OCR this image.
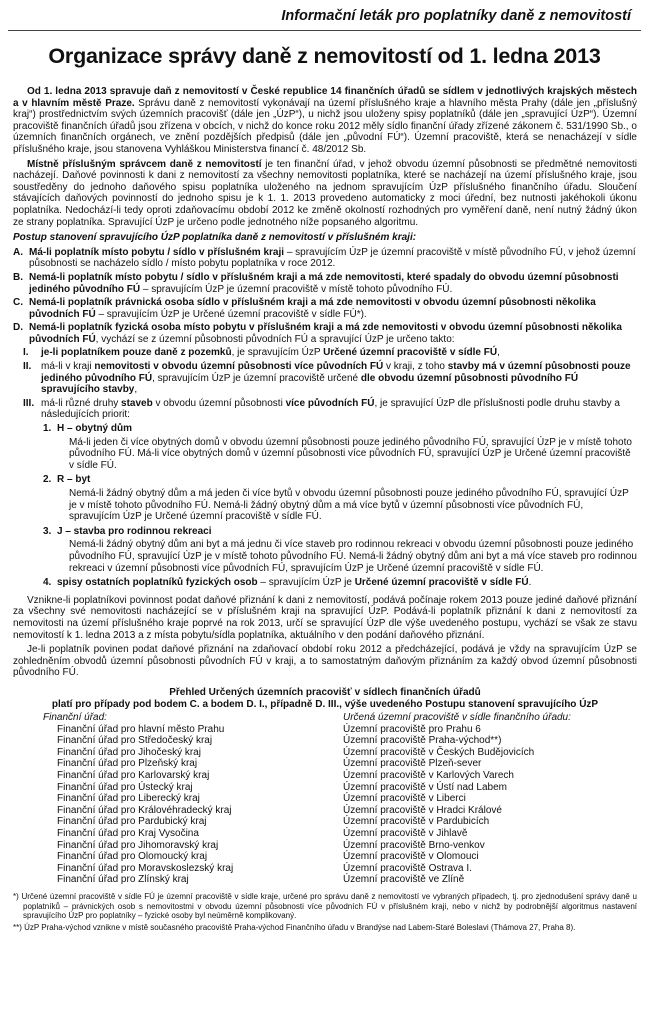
Informační leták pro poplatníky daně z nemovitostí
Organizace správy daně z nemovitostí od 1. ledna 2013

Od 1. ledna 2013 spravuje daň z nemovitostí v České republice 14 finančních úřadů se sídlem v jednotlivých krajských městech a v hlavním městě Praze. Správu daně z nemovitostí vykonávají na území příslušného kraje a hlavního města Prahy (dále jen „příslušný kraj“) prostřednictvím svých územních pracovišť (dále jen „ÚzP“), u nichž jsou uloženy spisy poplatníků (dále jen „spravující ÚzP“). Územní pracoviště finančních úřadů jsou zřízena v obcích, v nichž do konce roku 2012 měly sídlo finanční úřady zřízené zákonem č. 531/1990 Sb., o územních finančních orgánech, ve znění pozdějších předpisů (dále jen „původní FÚ“). Územní pracoviště, která se nenacházejí v sídle příslušného kraje, jsou stanovena Vyhláškou Ministerstva financí č. 48/2012 Sb.

Místně příslušným správcem daně z nemovitostí je ten finanční úřad, v jehož obvodu územní působnosti se předmětné nemovitosti nacházejí. Daňové povinnosti k dani z nemovitostí za všechny nemovitosti poplatníka, které se nacházejí na území příslušného kraje, jsou soustředěny do jednoho daňového spisu poplatníka uloženého na jednom spravujícím ÚzP příslušného finančního úřadu. Sloučení stávajících daňových povinností do jednoho spisu je k 1. 1. 2013 provedeno automaticky z moci úřední, bez nutnosti jakéhokoli úkonu poplatníka. Nedochází-li tedy oproti zdaňovacímu období 2012 ke změně okolností rozhodných pro vyměření daně, není nutný žádný úkon ze strany poplatníka. Spravující ÚzP je určeno podle jednotného níže popsaného algoritmu.

Postup stanovení spravujícího ÚzP poplatníka daně z nemovitostí v příslušném kraji:
A. Má-li poplatník místo pobytu / sídlo v příslušném kraji – spravujícím ÚzP je územní pracoviště v místě původního FÚ, v jehož územní působnosti se nacházelo sídlo / místo pobytu poplatníka v roce 2012.
B. Nemá-li poplatník místo pobytu / sídlo v příslušném kraji a má zde nemovitosti, které spadaly do obvodu územní působnosti jediného původního FÚ – spravujícím ÚzP je územní pracoviště v místě tohoto původního FÚ.
C. Nemá-li poplatník právnická osoba sídlo v příslušném kraji a má zde nemovitosti v obvodu územní působnosti několika původních FÚ – spravujícím ÚzP je Určené územní pracoviště v sídle FÚ*).
D. Nemá-li poplatník fyzická osoba místo pobytu v příslušném kraji a má zde nemovitosti v obvodu územní působnosti několika původních FÚ, vychází se z územní působnosti původních FÚ a spravující ÚzP je určeno takto:
I. je-li poplatníkem pouze daně z pozemků, je spravujícím ÚzP Určené územní pracoviště v sídle FÚ,
II. má-li v kraji nemovitosti v obvodu územní působnosti více původních FÚ v kraji, z toho stavby má v územní působnosti pouze jediného původního FÚ, spravujícím ÚzP je územní pracoviště určené dle obvodu územní působnosti původního FÚ spravujícího stavby,
III. má-li různé druhy staveb v obvodu územní působnosti více původních FÚ, je spravující ÚzP dle příslušnosti podle druhu stavby a následujících priorit:
1. H – obytný dům
Má-li jeden či více obytných domů v obvodu územní působnosti pouze jediného původního FÚ, spravující ÚzP je v místě tohoto původního FÚ. Má-li více obytných domů v územní působnosti více původních FÚ, spravující ÚzP je Určené územní pracoviště v sídle FÚ.
2. R – byt
Nemá-li žádný obytný dům a má jeden či více bytů v obvodu územní působnosti pouze jediného původního FÚ, spravující ÚzP je v místě tohoto původního FÚ. Nemá-li žádný obytný dům a má více bytů v územní působnosti více původních FÚ, spravujícím ÚzP je Určené územní pracoviště v sídle FÚ.
3. J – stavba pro rodinnou rekreaci
Nemá-li žádný obytný dům ani byt a má jednu či více staveb pro rodinnou rekreaci v obvodu územní působnosti pouze jediného původního FÚ, spravující ÚzP je v místě tohoto původního FÚ. Nemá-li žádný obytný dům ani byt a má více staveb pro rodinnou rekreaci v územní působnosti více původních FÚ, spravujícím ÚzP je Určené územní pracoviště v sídle FÚ.
4. spisy ostatních poplatníků fyzických osob – spravujícím ÚzP je Určené územní pracoviště v sídle FÚ.

Vznikne-li poplatníkovi povinnost podat daňové přiznání k dani z nemovitostí, podává počínaje rokem 2013 pouze jediné daňové přiznání za všechny své nemovitosti nacházející se v příslušném kraji na spravující ÚzP. Podává-li poplatník přiznání k dani z nemovitostí za nemovitosti na území příslušného kraje poprvé na rok 2013, určí se spravující ÚzP dle výše uvedeného postupu, vychází se však ze stavu nemovitostí k 1. ledna 2013 a z místa pobytu/sídla poplatníka, aktuálního v den podání daňového přiznání.

Je-li poplatník povinen podat daňové přiznání na zdaňovací období roku 2012 a předcházející, podává je vždy na spravujícím ÚzP se zohledněním obvodů územní působnosti původních FÚ v kraji, a to samostatným daňovým přiznáním za každý obvod územní působnosti původního FÚ.

Přehled Určených územních pracovišť v sídlech finančních úřadů
platí pro případy pod bodem C. a bodem D. I., případně D. III., výše uvedeného Postupu stanovení spravujícího ÚzP
Finanční úřad:
Finanční úřad pro hlavní město Prahu
Finanční úřad pro Středočeský kraj
Finanční úřad pro Jihočeský kraj
Finanční úřad pro Plzeňský kraj
Finanční úřad pro Karlovarský kraj
Finanční úřad pro Ústecký kraj
Finanční úřad pro Liberecký kraj
Finanční úřad pro Královéhradecký kraj
Finanční úřad pro Pardubický kraj
Finanční úřad pro Kraj Vysočina
Finanční úřad pro Jihomoravský kraj
Finanční úřad pro Olomoucký kraj
Finanční úřad pro Moravskoslezský kraj
Finanční úřad pro Zlínský kraj
Určená územní pracoviště v sídle finančního úřadu:
Územní pracoviště pro Prahu 6
Územní pracoviště Praha-východ**)
Územní pracoviště v Českých Budějovicích
Územní pracoviště Plzeň-sever
Územní pracoviště v Karlových Varech
Územní pracoviště v Ústí nad Labem
Územní pracoviště v Liberci
Územní pracoviště v Hradci Králové
Územní pracoviště v Pardubicích
Územní pracoviště v Jihlavě
Územní pracoviště Brno-venkov
Územní pracoviště v Olomouci
Územní pracoviště Ostrava I.
Územní pracoviště ve Zlíně

*) Určené územní pracoviště v sídle FÚ je územní pracoviště v sídle kraje, určené pro správu daně z nemovitostí ve vybraných případech, tj. pro zjednodušení správy daně u poplatníků – právnických osob s nemovitostmi v obvodu územní působnosti více původních FÚ v příslušném kraji, nebo v nichž by podrobnější algoritmus nastavení spravujícího ÚzP pro poplatníky – fyzické osoby byl neúměrně komplikovaný.

**) ÚzP Praha-východ vznikne v místě současného pracoviště Praha-východ Finančního úřadu v Brandýse nad Labem-Staré Boleslavi (Thámova 27, Praha 8).
